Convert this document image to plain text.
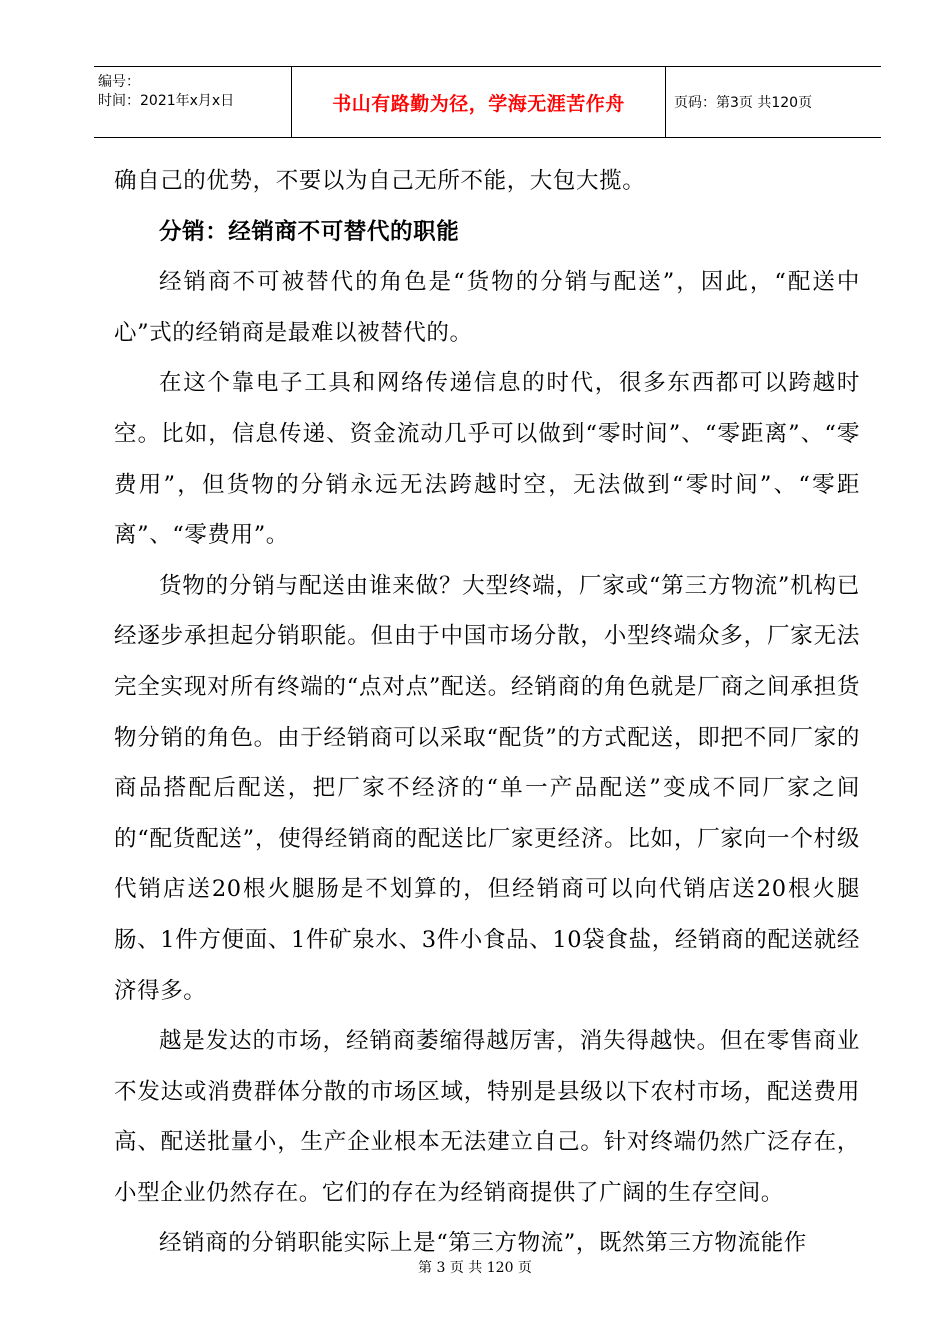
编号：
时间：2021年x月x日	书山有路勤为径，学海无涯苦作舟	页码：第3页 共120页

确自己的优势，不要以为自己无所不能，大包大揽。

分销：经销商不可替代的职能

经销商不可被替代的角色是“货物的分销与配送”，因此，“配送中心”式的经销商是最难以被替代的。

在这个靠电子工具和网络传递信息的时代，很多东西都可以跨越时空。比如，信息传递、资金流动几乎可以做到“零时间”、“零距离”、“零费用”，但货物的分销永远无法跨越时空，无法做到“零时间”、“零距离”、“零费用”。

货物的分销与配送由谁来做？大型终端，厂家或“第三方物流”机构已经逐步承担起分销职能。但由于中国市场分散，小型终端众多，厂家无法完全实现对所有终端的“点对点”配送。经销商的角色就是厂商之间承担货物分销的角色。由于经销商可以采取“配货”的方式配送，即把不同厂家的商品搭配后配送，把厂家不经济的“单一产品配送”变成不同厂家之间的“配货配送”，使得经销商的配送比厂家更经济。比如，厂家向一个村级代销店送20根火腿肠是不划算的，但经销商可以向代销店送20根火腿肠、1件方便面、1件矿泉水、3件小食品、10袋食盐，经销商的配送就经济得多。

越是发达的市场，经销商萎缩得越厉害，消失得越快。但在零售商业不发达或消费群体分散的市场区域，特别是县级以下农村市场，配送费用高、配送批量小，生产企业根本无法建立自己。针对终端仍然广泛存在，小型企业仍然存在。它们的存在为经销商提供了广阔的生存空间。

经销商的分销职能实际上是“第三方物流”，既然第三方物流能作

第 3 页 共 120 页
